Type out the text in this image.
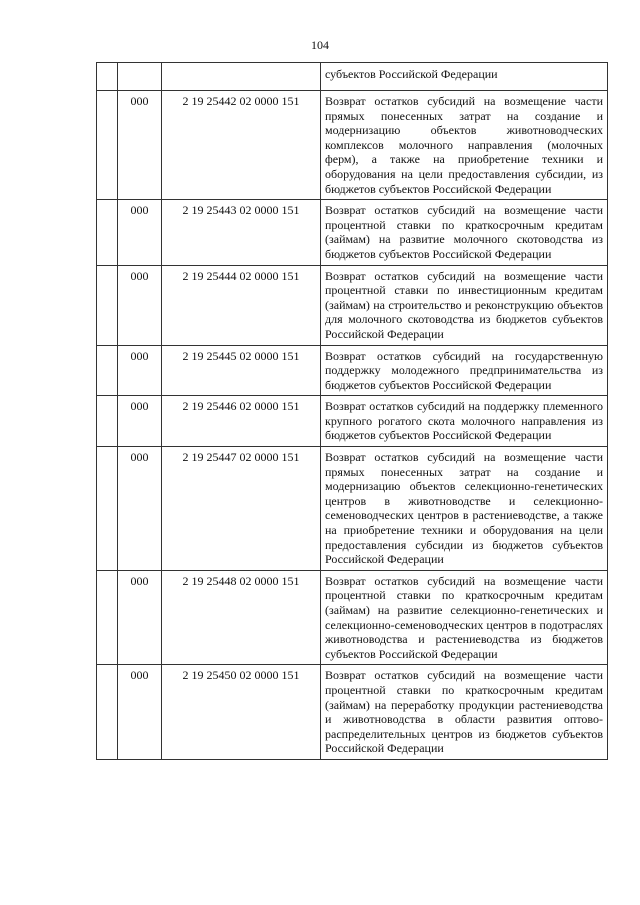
104
			субъектов Российской Федерации
	000	2 19 25442 02 0000 151	Возврат остатков субсидий на возмещение части прямых понесенных затрат на создание и модернизацию объектов животноводческих комплексов молочного направления (молочных ферм), а также на приобретение техники и оборудования на цели предоставления субсидии, из бюджетов субъектов Российской Федерации
	000	2 19 25443 02 0000 151	Возврат остатков субсидий на возмещение части процентной ставки по краткосрочным кредитам (займам) на развитие молочного скотоводства из бюджетов субъектов Российской Федерации
	000	2 19 25444 02 0000 151	Возврат остатков субсидий на возмещение части процентной ставки по инвестиционным кредитам (займам) на строительство и реконструкцию объектов для молочного скотоводства из бюджетов субъектов Российской Федерации
	000	2 19 25445 02 0000 151	Возврат остатков субсидий на государственную поддержку молодежного предпринимательства из бюджетов субъектов Российской Федерации
	000	2 19 25446 02 0000 151	Возврат остатков субсидий на поддержку племенного крупного рогатого скота молочного направления из бюджетов субъектов Российской Федерации
	000	2 19 25447 02 0000 151	Возврат остатков субсидий на возмещение части прямых понесенных затрат на создание и модернизацию объектов селекционно-генетических центров в животноводстве и селекционно-семеноводческих центров в растениеводстве, а также на приобретение техники и оборудования на цели предоставления субсидии из бюджетов субъектов Российской Федерации
	000	2 19 25448 02 0000 151	Возврат остатков субсидий на возмещение части процентной ставки по краткосрочным кредитам (займам) на развитие селекционно-генетических и селекционно-семеноводческих центров в подотраслях животноводства и растениеводства из бюджетов субъектов Российской Федерации
	000	2 19 25450 02 0000 151	Возврат остатков субсидий на возмещение части процентной ставки по краткосрочным кредитам (займам) на переработку продукции растениеводства и животноводства в области развития оптово-распределительных центров из бюджетов субъектов Российской Федерации
